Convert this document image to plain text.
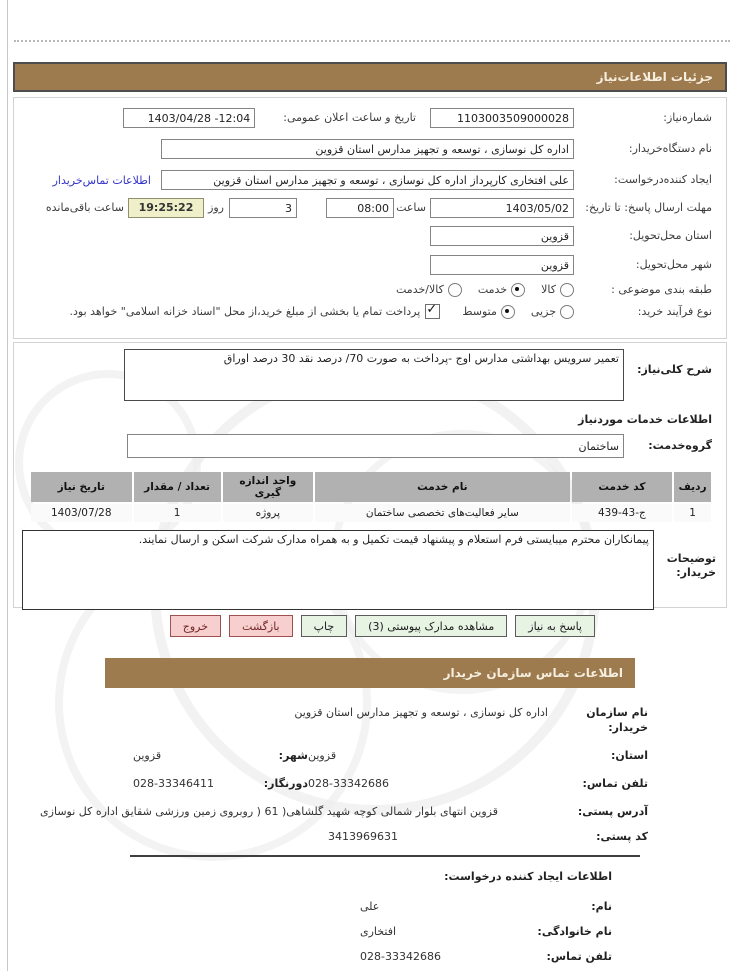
جزئیات اطلاعات‌نیاز
شماره‌نیاز:
1103003509000028
تاریخ و ساعت اعلان عمومی:
1403/04/28 -12:04
نام دستگاه‌خریدار:
اداره کل نوسازی ، توسعه و تجهیز مدارس استان قزوین
ایجاد کننده‌درخواست:
علی افتخاری کارپرداز اداره کل نوسازی ، توسعه و تجهیز مدارس استان قزوین
اطلاعات تماس‌خریدار
مهلت ارسال پاسخ: تا تاریخ:
1403/05/02
ساعت
08:00
3
روز
19:25:22
ساعت باقی‌مانده
استان محل‌تحویل:
قزوین
شهر محل‌تحویل:
قزوین
طبقه بندی موضوعی :
کالا
خدمت
کالا/خدمت
نوع فرآیند خرید:
جزیی
متوسط
✓
پرداخت تمام یا بخشی از مبلغ خرید،از محل "اسناد خزانه اسلامی" خواهد بود.
شرح کلی‌نیاز:
تعمیر سرویس بهداشتی مدارس اوج -پرداخت به صورت 70/ درصد نقد 30 درصد اوراق
اطلاعات خدمات موردنیاز
گروه‌خدمت:
ساختمان
ردیف	کد خدمت	نام خدمت	واحد اندازه گیری	تعداد / مقدار	تاریخ نیاز
1	ج-43-439	سایر فعالیت‌های تخصصی ساختمان	پروژه	1	1403/07/28
توضیحات خریدار:
پیمانکاران محترم میبایستی فرم استعلام و پیشنهاد قیمت تکمیل و به همراه مدارک شرکت اسکن و ارسال نمایند.
پاسخ به نیاز
مشاهده مدارک پیوستی (3)
چاپ
بازگشت
خروج
اطلاعات تماس سازمان خریدار
نام سازمان خریدار:
اداره کل نوسازی ، توسعه و تجهیز مدارس استان قزوین
استان:
قزوین
شهر:
قزوین
تلفن تماس:
028-33342686
دورنگار:
028-33346411
آدرس پستی:
قزوین انتهای بلوار شمالی کوچه شهید گلشاهی( 61 ( روبروی زمین ورزشی شقایق اداره کل نوسازی
کد پستی:
3413969631
اطلاعات ایجاد کننده درخواست:
نام:
علی
نام خانوادگی:
افتخاری
تلفن تماس:
028-33342686
